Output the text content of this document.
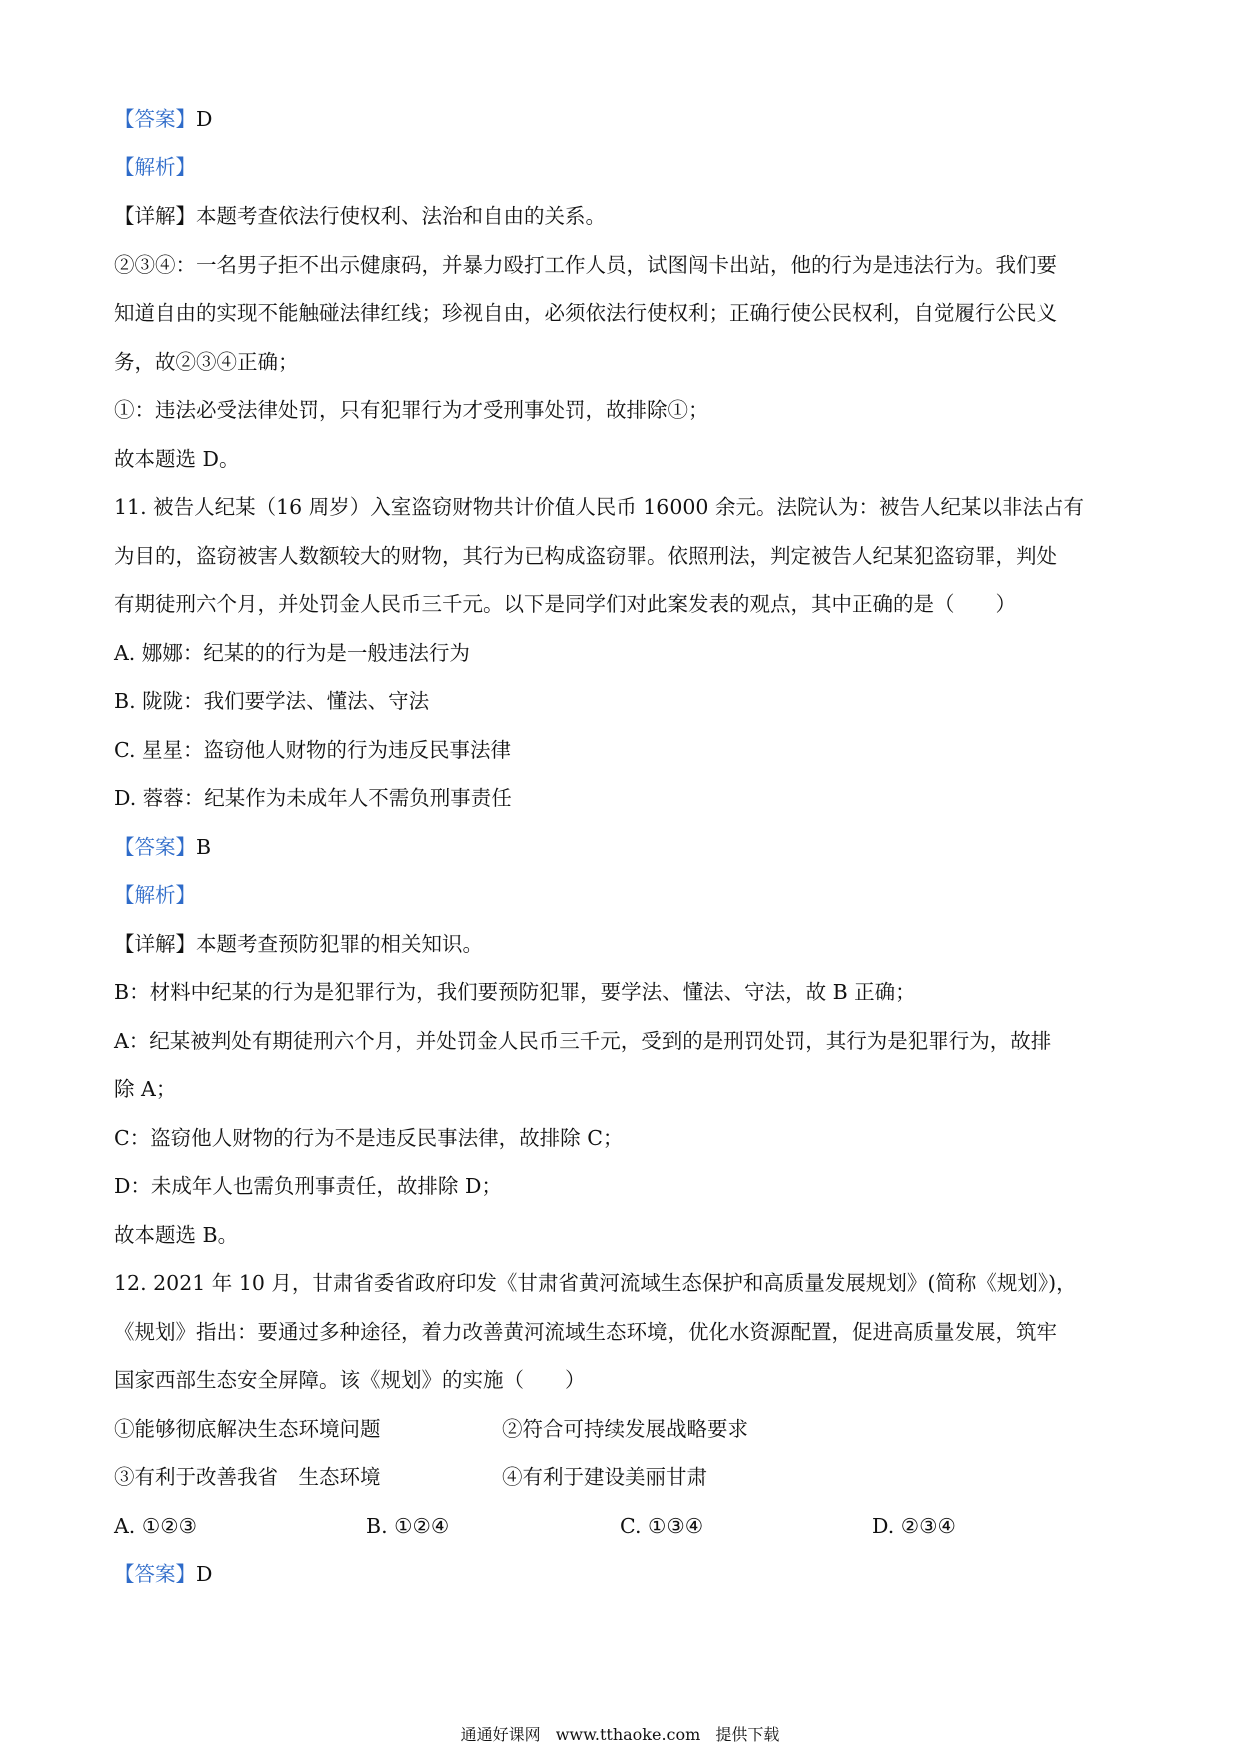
【答案】D
【解析】
【详解】本题考查依法行使权利、法治和自由的关系。
②③④：一名男子拒不出示健康码，并暴力殴打工作人员，试图闯卡出站，他的行为是违法行为。我们要
知道自由的实现不能触碰法律红线；珍视自由，必须依法行使权利；正确行使公民权利，自觉履行公民义
务，故②③④正确；
①：违法必受法律处罚，只有犯罪行为才受刑事处罚，故排除①；
故本题选 D。
11. 被告人纪某（16 周岁）入室盗窃财物共计价值人民币 16000 余元。法院认为：被告人纪某以非法占有
为目的，盗窃被害人数额较大的财物，其行为已构成盗窃罪。依照刑法，判定被告人纪某犯盗窃罪，判处
有期徒刑六个月，并处罚金人民币三千元。以下是同学们对此案发表的观点，其中正确的是（　　）
A. 娜娜：纪某的的行为是一般违法行为
B. 陇陇：我们要学法、懂法、守法
C. 星星：盗窃他人财物的行为违反民事法律
D. 蓉蓉：纪某作为未成年人不需负刑事责任
【答案】B
【解析】
【详解】本题考查预防犯罪的相关知识。
B：材料中纪某的行为是犯罪行为，我们要预防犯罪，要学法、懂法、守法，故 B 正确；
A：纪某被判处有期徒刑六个月，并处罚金人民币三千元，受到的是刑罚处罚，其行为是犯罪行为，故排
除 A；
C：盗窃他人财物的行为不是违反民事法律，故排除 C；
D：未成年人也需负刑事责任，故排除 D；
故本题选 B。
12. 2021 年 10 月，甘肃省委省政府印发《甘肃省黄河流域生态保护和高质量发展规划》(简称《规划》)，
《规划》指出：要通过多种途径，着力改善黄河流域生态环境，优化水资源配置，促进高质量发展，筑牢
国家西部生态安全屏障。该《规划》的实施（　　）
①能够彻底解决生态环境问题	②符合可持续发展战略要求
③有利于改善我省　生态环境	④有利于建设美丽甘肃
A. ①②③	B. ①②④	C. ①③④	D. ②③④
【答案】D
通通好课网 www.tthaoke.com 提供下载
